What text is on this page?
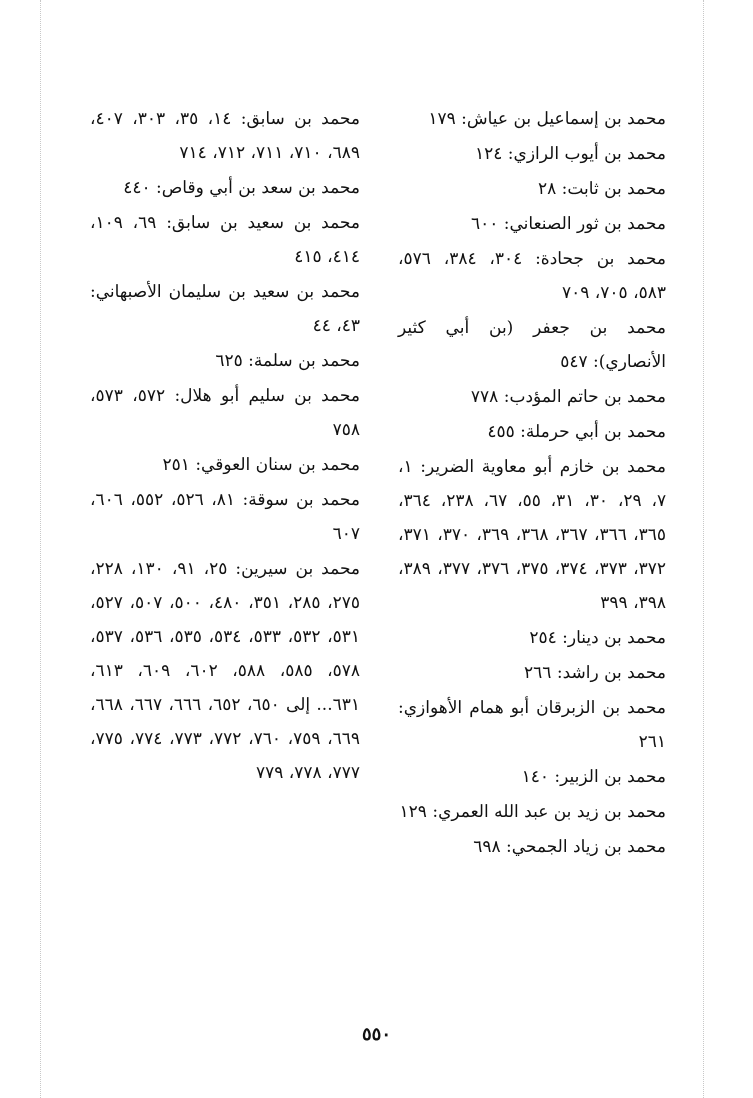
محمد بن إسماعيل بن عياش: ١٧٩
محمد بن أيوب الرازي: ١٢٤
محمد بن ثابت: ٢٨
محمد بن ثور الصنعاني: ٦٠٠
محمد بن جحادة: ٣٠٤، ٣٨٤، ٥٧٦، ٥٨٣، ٧٠٥، ٧٠٩
محمد بن جعفر (بن أبي كثير الأنصاري): ٥٤٧
محمد بن حاتم المؤدب: ٧٧٨
محمد بن أبي حرملة: ٤٥٥
محمد بن خازم أبو معاوية الضرير: ١، ٧، ٢٩، ٣٠، ٣١، ٥٥، ٦٧، ٢٣٨، ٣٦٤، ٣٦٥، ٣٦٦، ٣٦٧، ٣٦٨، ٣٦٩، ٣٧٠، ٣٧١، ٣٧٢، ٣٧٣، ٣٧٤، ٣٧٥، ٣٧٦، ٣٧٧، ٣٨٩، ٣٩٨، ٣٩٩
محمد بن دينار: ٢٥٤
محمد بن راشد: ٢٦٦
محمد بن الزبرقان أبو همام الأهوازي: ٢٦١
محمد بن الزبير: ١٤٠
محمد بن زيد بن عبد الله العمري: ١٢٩
محمد بن زياد الجمحي: ٦٩٨
محمد بن سابق: ١٤، ٣٥، ٣٠٣، ٤٠٧، ٦٨٩، ٧١٠، ٧١١، ٧١٢، ٧١٤
محمد بن سعد بن أبي وقاص: ٤٤٠
محمد بن سعيد بن سابق: ٦٩، ١٠٩، ٤١٤، ٤١٥
محمد بن سعيد بن سليمان الأصبهاني: ٤٣، ٤٤
محمد بن سلمة: ٦٢٥
محمد بن سليم أبو هلال: ٥٧٢، ٥٧٣، ٧٥٨
محمد بن سنان العوقي: ٢٥١
محمد بن سوقة: ٨١، ٥٢٦، ٥٥٢، ٦٠٦، ٦٠٧
محمد بن سيرين: ٢٥، ٩١، ١٣٠، ٢٢٨، ٢٧٥، ٢٨٥، ٣٥١، ٤٨٠، ٥٠٠، ٥٠٧، ٥٢٧، ٥٣١، ٥٣٢، ٥٣٣، ٥٣٤، ٥٣٥، ٥٣٦، ٥٣٧، ٥٧٨، ٥٨٥، ٥٨٨، ٦٠٢، ٦٠٩، ٦١٣، ٦٣١... إلى ٦٥٠، ٦٥٢، ٦٦٦، ٦٦٧، ٦٦٨، ٦٦٩، ٧٥٩، ٧٦٠، ٧٧٢، ٧٧٣، ٧٧٤، ٧٧٥، ٧٧٧، ٧٧٨، ٧٧٩
٥٥٠
